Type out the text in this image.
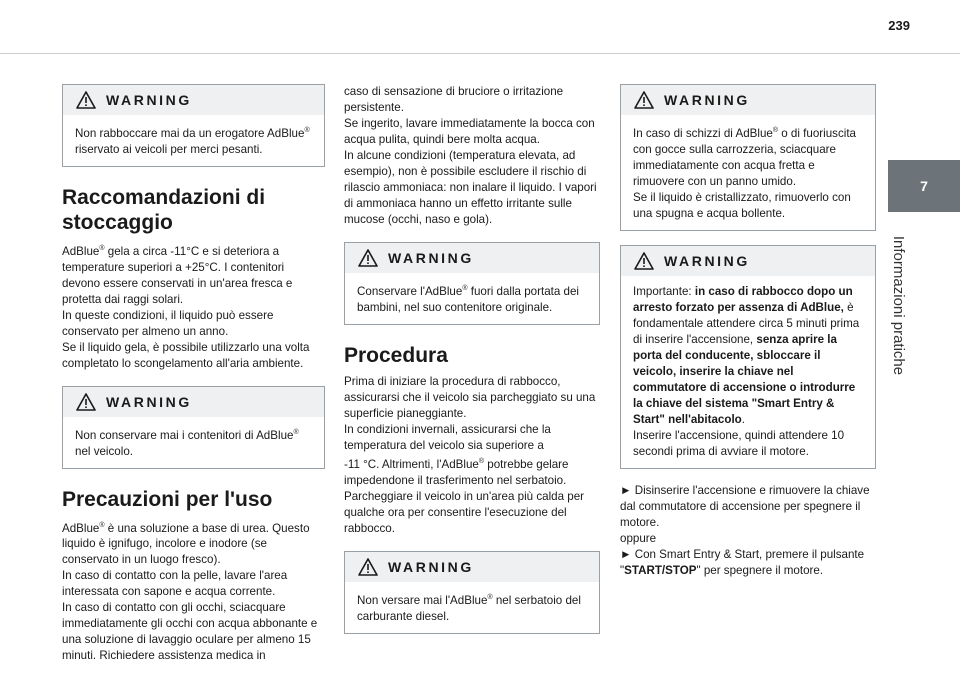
239
7
Informazioni pratiche
WARNING
Non rabboccare mai da un erogatore AdBlue® riservato ai veicoli per merci pesanti.
Raccomandazioni di stoccaggio
AdBlue® gela a circa -11°C e si deteriora a temperature superiori a +25°C. I contenitori devono essere conservati in un'area fresca e protetta dai raggi solari.
In queste condizioni, il liquido può essere conservato per almeno un anno.
Se il liquido gela, è possibile utilizzarlo una volta completato lo scongelamento all'aria ambiente.
WARNING
Non conservare mai i contenitori di AdBlue® nel veicolo.
Precauzioni per l'uso
AdBlue® è una soluzione a base di urea. Questo liquido è ignifugo, incolore e inodore (se conservato in un luogo fresco).
In caso di contatto con la pelle, lavare l'area interessata con sapone e acqua corrente.
In caso di contatto con gli occhi, sciacquare immediatamente gli occhi con acqua abbonante e una soluzione di lavaggio oculare per almeno 15 minuti. Richiedere assistenza medica in
caso di sensazione di bruciore o irritazione persistente.
Se ingerito, lavare immediatamente la bocca con acqua pulita, quindi bere molta acqua.
In alcune condizioni (temperatura elevata, ad esempio), non è possibile escludere il rischio di rilascio ammoniaca: non inalare il liquido. I vapori di ammoniaca hanno un effetto irritante sulle mucose (occhi, naso e gola).
WARNING
Conservare l'AdBlue® fuori dalla portata dei bambini, nel suo contenitore originale.
Procedura
Prima di iniziare la procedura di rabbocco, assicurarsi che il veicolo sia parcheggiato su una superficie pianeggiante.
In condizioni invernali, assicurarsi che la temperatura del veicolo sia superiore a
-11 °C. Altrimenti, l'AdBlue® potrebbe gelare impedendone il trasferimento nel serbatoio. Parcheggiare il veicolo in un'area più calda per qualche ora per consentire l'esecuzione del rabbocco.
WARNING
Non versare mai l'AdBlue® nel serbatoio del carburante diesel.
WARNING
In caso di schizzi di AdBlue® o di fuoriuscita con gocce sulla carrozzeria, sciacquare immediatamente con acqua fretta e rimuovere con un panno umido.
Se il liquido è cristallizzato, rimuoverlo con una spugna e acqua bollente.
WARNING
Importante: in caso di rabbocco dopo un arresto forzato per assenza di AdBlue, è fondamentale attendere circa 5 minuti prima di inserire l'accensione, senza aprire la porta del conducente, sbloccare il veicolo, inserire la chiave nel commutatore di accensione o introdurre la chiave del sistema "Smart Entry & Start" nell'abitacolo.
Inserire l'accensione, quindi attendere 10 secondi prima di avviare il motore.
► Disinserire l'accensione e rimuovere la chiave dal commutatore di accensione per spegnere il motore.
oppure
► Con Smart Entry & Start, premere il pulsante "START/STOP" per spegnere il motore.
